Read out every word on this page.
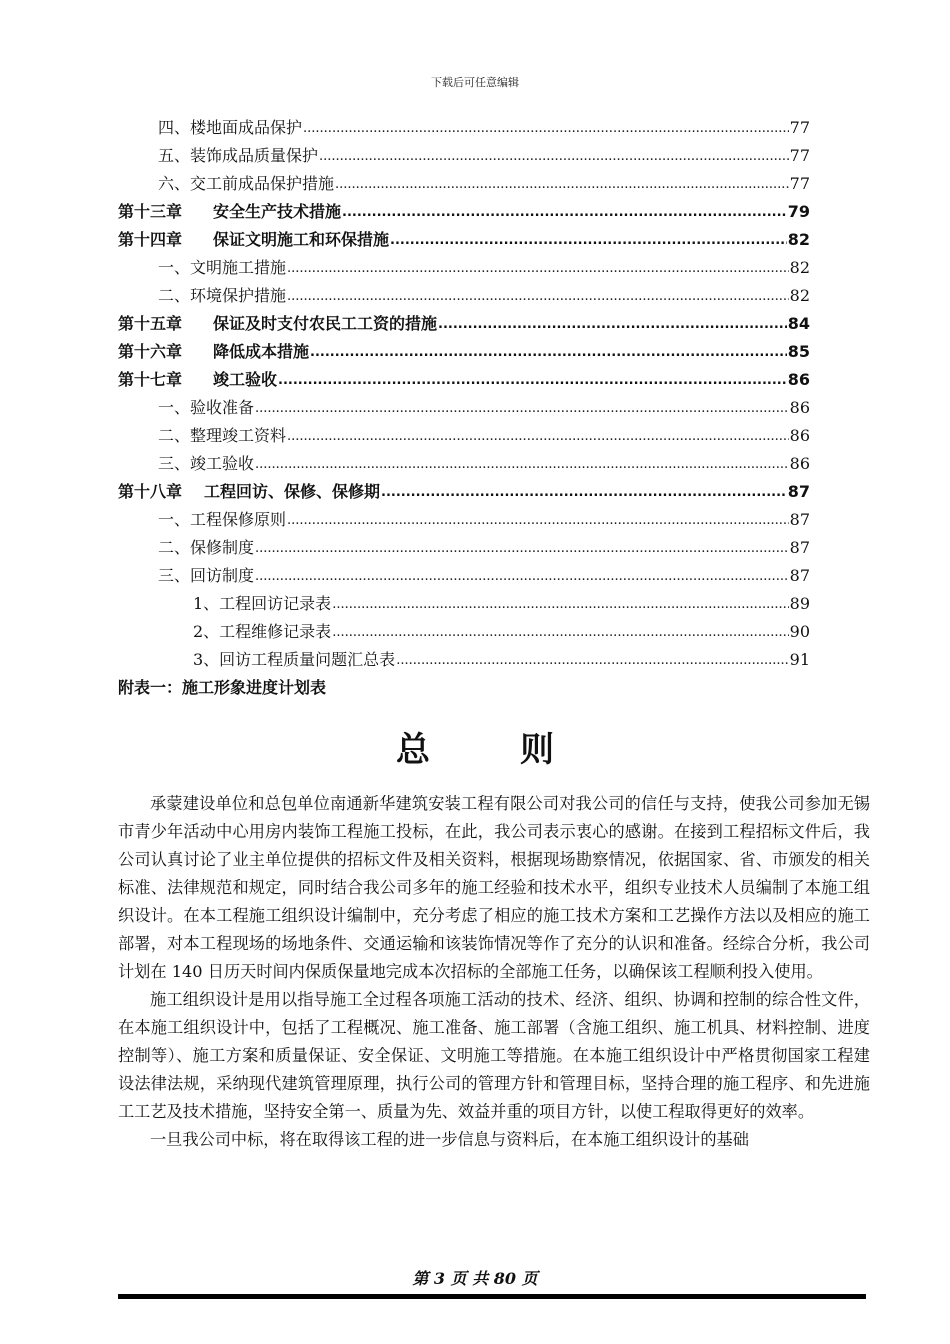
下载后可任意编辑
四、楼地面成品保护 .....	77
五、装饰成品质量保护 .....	77
六、交工前成品保护措施 .....	77
第十三章 安全生产技术措施 .....	79
第十四章 保证文明施工和环保措施 .....	82
一、文明施工措施 .....	82
二、环境保护措施 .....	82
第十五章 保证及时支付农民工工资的措施 .....	84
第十六章 降低成本措施 .....	85
第十七章 竣工验收 .....	86
一、验收准备 .....	86
二、整理竣工资料 .....	86
三、竣工验收 .....	86
第十八章 工程回访、保修、保修期 .....	87
一、工程保修原则 .....	87
二、保修制度 .....	87
三、回访制度 .....	87
1、工程回访记录表 .....	89
2、工程维修记录表 .....	90
3、回访工程质量问题汇总表 .....	91
附表一：施工形象进度计划表
总则

承蒙建设单位和总包单位南通新华建筑安装工程有限公司对我公司的信任与支持，使我公司参加无锡市青少年活动中心用房内装饰工程施工投标，在此，我公司表示衷心的感谢。在接到工程招标文件后，我公司认真讨论了业主单位提供的招标文件及相关资料，根据现场勘察情况，依据国家、省、市颁发的相关标准、法律规范和规定，同时结合我公司多年的施工经验和技术水平，组织专业技术人员编制了本施工组织设计。在本工程施工组织设计编制中，充分考虑了相应的施工技术方案和工艺操作方法以及相应的施工部署，对本工程现场的场地条件、交通运输和该装饰情况等作了充分的认识和准备。经综合分析，我公司计划在 140 日历天时间内保质保量地完成本次招标的全部施工任务，以确保该工程顺利投入使用。

施工组织设计是用以指导施工全过程各项施工活动的技术、经济、组织、协调和控制的综合性文件，在本施工组织设计中，包括了工程概况、施工准备、施工部署（含施工组织、施工机具、材料控制、进度控制等）、施工方案和质量保证、安全保证、文明施工等措施。在本施工组织设计中严格贯彻国家工程建设法律法规，采纳现代建筑管理原理，执行公司的管理方针和管理目标，坚持合理的施工程序、和先进施工工艺及技术措施，坚持安全第一、质量为先、效益并重的项目方针，以使工程取得更好的效率。

一旦我公司中标，将在取得该工程的进一步信息与资料后，在本施工组织设计的基础

第 3 页 共 80 页
